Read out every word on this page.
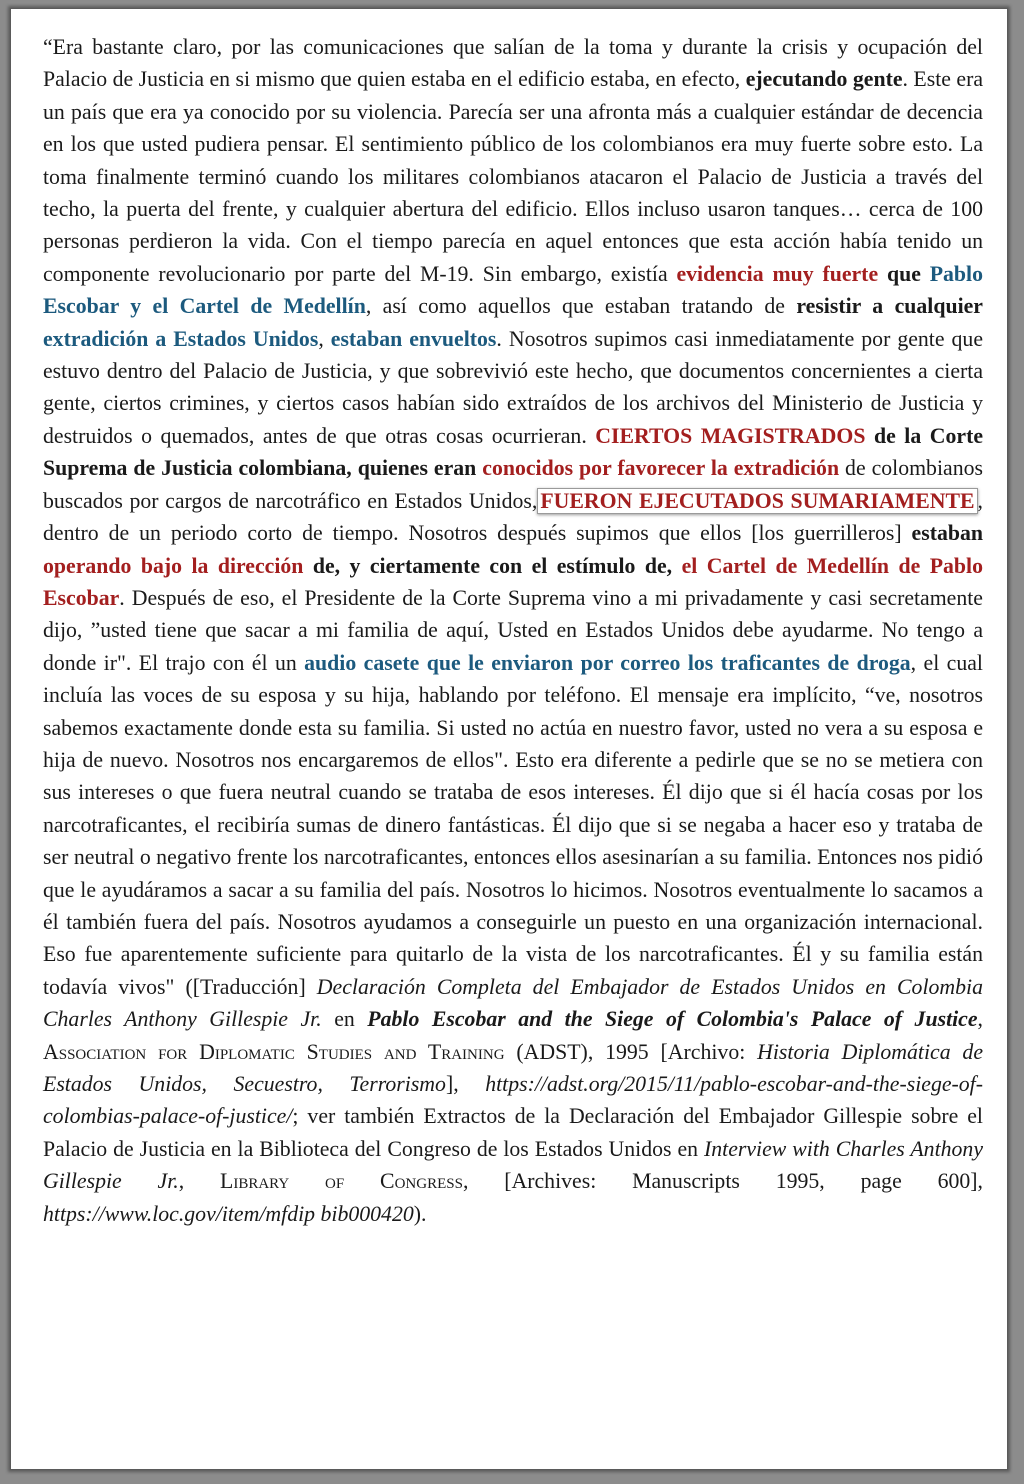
“Era bastante claro, por las comunicaciones que salían de la toma y durante la crisis y ocupación del Palacio de Justicia en si mismo que quien estaba en el edificio estaba, en efecto, ejecutando gente. Este era un país que era ya conocido por su violencia. Parecía ser una afronta más a cualquier estándar de decencia en los que usted pudiera pensar. El sentimiento público de los colombianos era muy fuerte sobre esto. La toma finalmente terminó cuando los militares colombianos atacaron el Palacio de Justicia a través del techo, la puerta del frente, y cualquier abertura del edificio. Ellos incluso usaron tanques… cerca de 100 personas perdieron la vida. Con el tiempo parecía en aquel entonces que esta acción había tenido un componente revolucionario por parte del M-19. Sin embargo, existía evidencia muy fuerte que Pablo Escobar y el Cartel de Medellín, así como aquellos que estaban tratando de resistir a cualquier extradición a Estados Unidos, estaban envueltos. Nosotros supimos casi inmediatamente por gente que estuvo dentro del Palacio de Justicia, y que sobrevivió este hecho, que documentos concernientes a cierta gente, ciertos crimines, y ciertos casos habían sido extraídos de los archivos del Ministerio de Justicia y destruidos o quemados, antes de que otras cosas ocurrieran. CIERTOS MAGISTRADOS de la Corte Suprema de Justicia colombiana, quienes eran conocidos por favorecer la extradición de colombianos buscados por cargos de narcotráfico en Estados Unidos, FUERON EJECUTADOS SUMARIAMENTE , dentro de un periodo corto de tiempo. Nosotros después supimos que ellos [los guerrilleros] estaban operando bajo la dirección de, y ciertamente con el estímulo de, el Cartel de Medellín de Pablo Escobar. Después de eso, el Presidente de la Corte Suprema vino a mi privadamente y casi secretamente dijo, ”usted tiene que sacar a mi familia de aquí, Usted en Estados Unidos debe ayudarme. No tengo a donde ir". El trajo con él un audio casete que le enviaron por correo los traficantes de droga, el cual incluía las voces de su esposa y su hija, hablando por teléfono. El mensaje era implícito, “ve, nosotros sabemos exactamente donde esta su familia. Si usted no actúa en nuestro favor, usted no vera a su esposa e hija de nuevo. Nosotros nos encargaremos de ellos". Esto era diferente a pedirle que se no se metiera con sus intereses o que fuera neutral cuando se trataba de esos intereses. Él dijo que si él hacía cosas por los narcotraficantes, el recibiría sumas de dinero fantásticas. Él dijo que si se negaba a hacer eso y trataba de ser neutral o negativo frente los narcotraficantes, entonces ellos asesinarían a su familia. Entonces nos pidió que le ayudáramos a sacar a su familia del país. Nosotros lo hicimos. Nosotros eventualmente lo sacamos a él también fuera del país. Nosotros ayudamos a conseguirle un puesto en una organización internacional. Eso fue aparentemente suficiente para quitarlo de la vista de los narcotraficantes. Él y su familia están todavía vivos" ([Traducción] Declaración Completa del Embajador de Estados Unidos en Colombia Charles Anthony Gillespie Jr. en Pablo Escobar and the Siege of Colombia's Palace of Justice, Association for Diplomatic Studies and Training (ADST), 1995 [Archivo: Historia Diplomática de Estados Unidos, Secuestro, Terrorismo], https://adst.org/2015/11/pablo-escobar-and-the-siege-of-colombias-palace-of-justice/; ver también Extractos de la Declaración del Embajador Gillespie sobre el Palacio de Justicia en la Biblioteca del Congreso de los Estados Unidos en Interview with Charles Anthony Gillespie Jr., Library of Congress, [Archives: Manuscripts 1995, page 600], https://www.loc.gov/item/mfdip bib000420).
